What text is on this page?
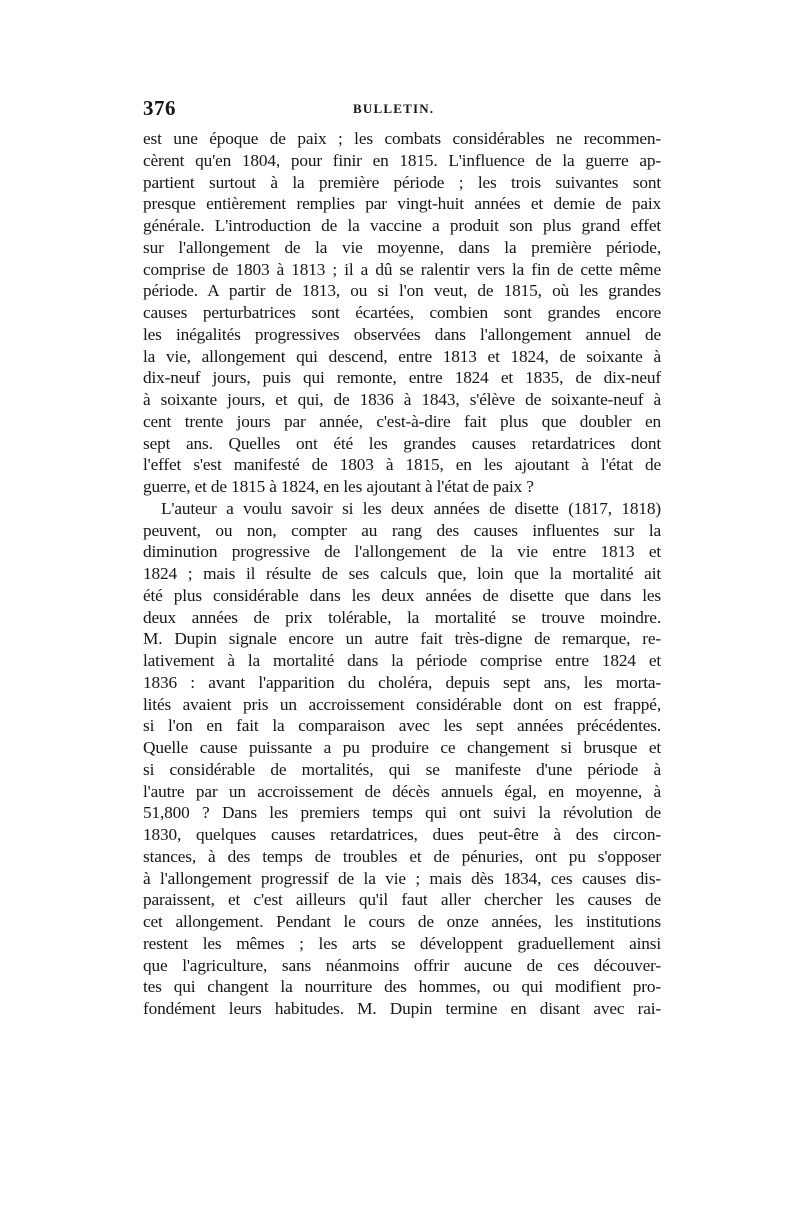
376	BULLETIN.
est une époque de paix ; les combats considérables ne recommen-
cèrent qu'en 1804, pour finir en 1815. L'influence de la guerre ap-
partient surtout à la première période ; les trois suivantes sont
presque entièrement remplies par vingt-huit années et demie de paix
générale. L'introduction de la vaccine a produit son plus grand effet
sur l'allongement de la vie moyenne, dans la première période,
comprise de 1803 à 1813 ; il a dû se ralentir vers la fin de cette même
période. A partir de 1813, ou si l'on veut, de 1815, où les grandes
causes perturbatrices sont écartées, combien sont grandes encore
les inégalités progressives observées dans l'allongement annuel de
la vie, allongement qui descend, entre 1813 et 1824, de soixante à
dix-neuf jours, puis qui remonte, entre 1824 et 1835, de dix-neuf
à soixante jours, et qui, de 1836 à 1843, s'élève de soixante-neuf à
cent trente jours par année, c'est-à-dire fait plus que doubler en
sept ans. Quelles ont été les grandes causes retardatrices dont
l'effet s'est manifesté de 1803 à 1815, en les ajoutant à l'état de
guerre, et de 1815 à 1824, en les ajoutant à l'état de paix ?
L'auteur a voulu savoir si les deux années de disette (1817, 1818)
peuvent, ou non, compter au rang des causes influentes sur la
diminution progressive de l'allongement de la vie entre 1813 et
1824 ; mais il résulte de ses calculs que, loin que la mortalité ait
été plus considérable dans les deux années de disette que dans les
deux années de prix tolérable, la mortalité se trouve moindre.
M. Dupin signale encore un autre fait très-digne de remarque, re-
lativement à la mortalité dans la période comprise entre 1824 et
1836 : avant l'apparition du choléra, depuis sept ans, les morta-
lités avaient pris un accroissement considérable dont on est frappé,
si l'on en fait la comparaison avec les sept années précédentes.
Quelle cause puissante a pu produire ce changement si brusque et
si considérable de mortalités, qui se manifeste d'une période à
l'autre par un accroissement de décès annuels égal, en moyenne, à
51,800 ? Dans les premiers temps qui ont suivi la révolution de
1830, quelques causes retardatrices, dues peut-être à des circon-
stances, à des temps de troubles et de pénuries, ont pu s'opposer
à l'allongement progressif de la vie ; mais dès 1834, ces causes dis-
paraissent, et c'est ailleurs qu'il faut aller chercher les causes de
cet allongement. Pendant le cours de onze années, les institutions
restent les mêmes ; les arts se développent graduellement ainsi
que l'agriculture, sans néanmoins offrir aucune de ces découver-
tes qui changent la nourriture des hommes, ou qui modifient pro-
fondément leurs habitudes. M. Dupin termine en disant avec rai-
